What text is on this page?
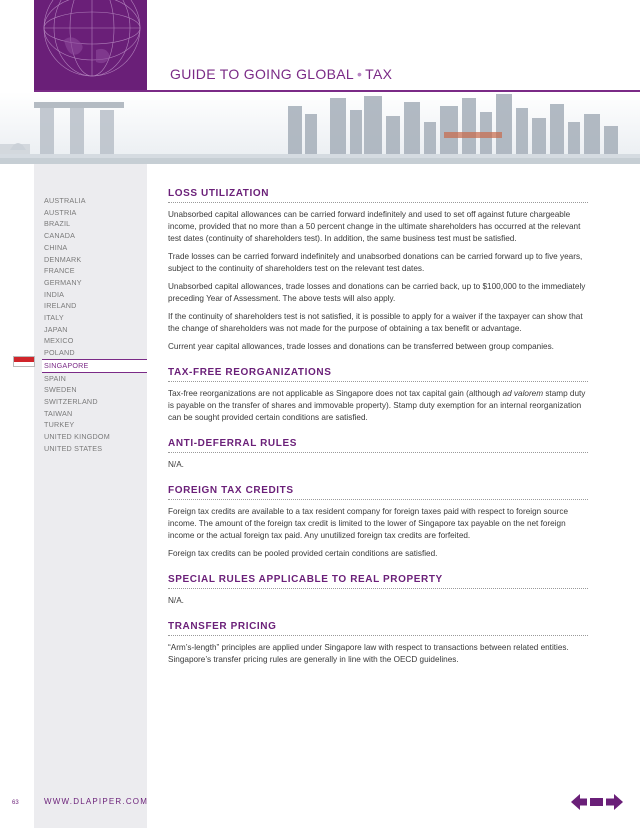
GUIDE TO GOING GLOBAL • TAX
AUSTRALIA
AUSTRIA
BRAZIL
CANADA
CHINA
DENMARK
FRANCE
GERMANY
INDIA
IRELAND
ITALY
JAPAN
MEXICO
POLAND
SINGAPORE
SPAIN
SWEDEN
SWITZERLAND
TAIWAN
TURKEY
UNITED KINGDOM
UNITED STATES
LOSS UTILIZATION

Unabsorbed capital allowances can be carried forward indefinitely and used to set off against future chargeable income, provided that no more than a 50 percent change in the ultimate shareholders has occurred at the relevant test dates (continuity of shareholders test). In addition, the same business test must be satisfied.

Trade losses can be carried forward indefinitely and unabsorbed donations can be carried forward up to five years, subject to the continuity of shareholders test on the relevant test dates.

Unabsorbed capital allowances, trade losses and donations can be carried back, up to $100,000 to the immediately preceding Year of Assessment. The above tests will also apply.

If the continuity of shareholders test is not satisfied, it is possible to apply for a waiver if the taxpayer can show that the change of shareholders was not made for the purpose of obtaining a tax benefit or advantage.

Current year capital allowances, trade losses and donations can be transferred between group companies.

TAX-FREE REORGANIZATIONS

Tax-free reorganizations are not applicable as Singapore does not tax capital gain (although ad valorem stamp duty is payable on the transfer of shares and immovable property). Stamp duty exemption for an internal reorganization can be sought provided certain conditions are satisfied.

ANTI-DEFERRAL RULES

N/A.

FOREIGN TAX CREDITS

Foreign tax credits are available to a tax resident company for foreign taxes paid with respect to foreign source income. The amount of the foreign tax credit is limited to the lower of Singapore tax payable on the net foreign income or the actual foreign tax paid. Any unutilized foreign tax credits are forfeited.

Foreign tax credits can be pooled provided certain conditions are satisfied.

SPECIAL RULES APPLICABLE TO REAL PROPERTY

N/A.

TRANSFER PRICING

“Arm’s-length” principles are applied under Singapore law with respect to transactions between related entities. Singapore’s transfer pricing rules are generally in line with the OECD guidelines.

63	WWW.DLAPIPER.COM
